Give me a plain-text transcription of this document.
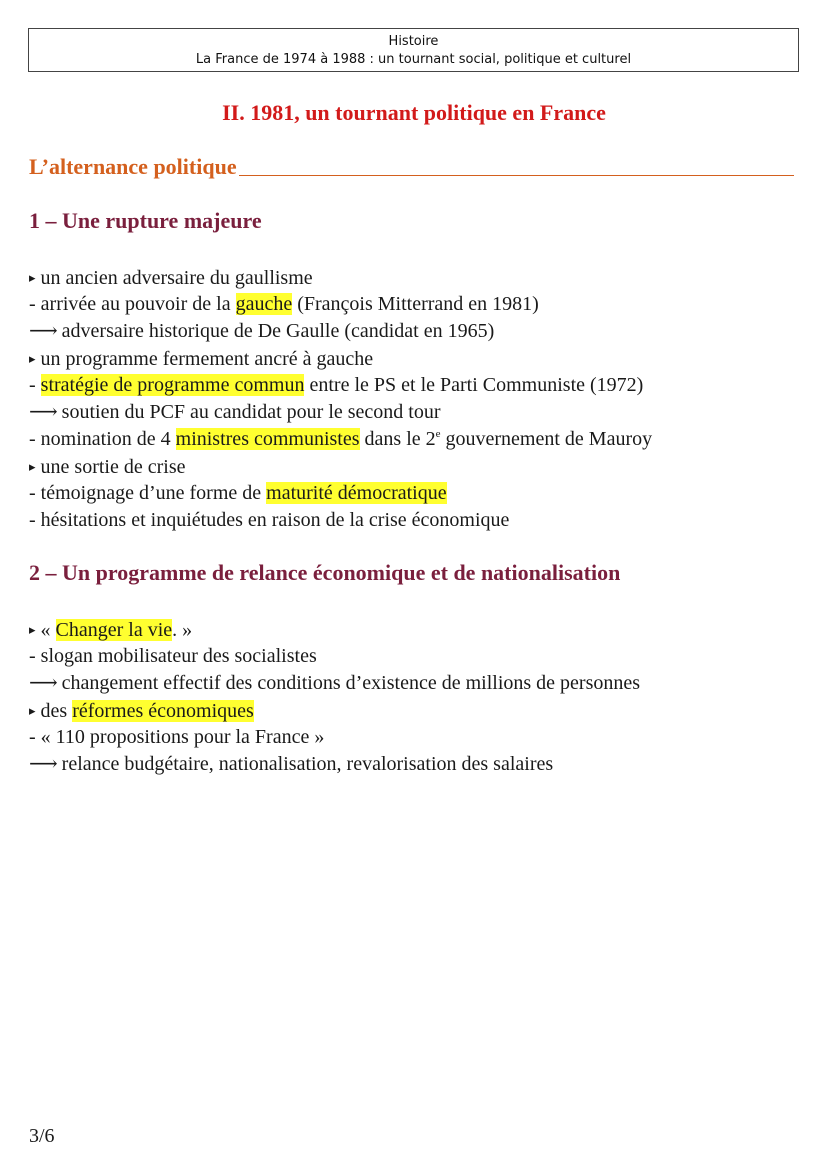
Histoire
La France de 1974 à 1988 : un tournant social, politique et culturel
II. 1981, un tournant politique en France
L’alternance politique
1 – Une rupture majeure
▸ un ancien adversaire du gaullisme
- arrivée au pouvoir de la gauche (François Mitterrand en 1981)
⟶ adversaire historique de De Gaulle (candidat en 1965)
▸ un programme fermement ancré à gauche
- stratégie de programme commun entre le PS et le Parti Communiste (1972)
⟶ soutien du PCF au candidat pour le second tour
- nomination de 4 ministres communistes dans le 2e gouvernement de Mauroy
▸ une sortie de crise
- témoignage d’une forme de maturité démocratique
- hésitations et inquiétudes en raison de la crise économique
2 – Un programme de relance économique et de nationalisation
▸ « Changer la vie. »
- slogan mobilisateur des socialistes
⟶ changement effectif des conditions d’existence de millions de personnes
▸ des réformes économiques
- « 110 propositions pour la France »
⟶ relance budgétaire, nationalisation, revalorisation des salaires
3/6
